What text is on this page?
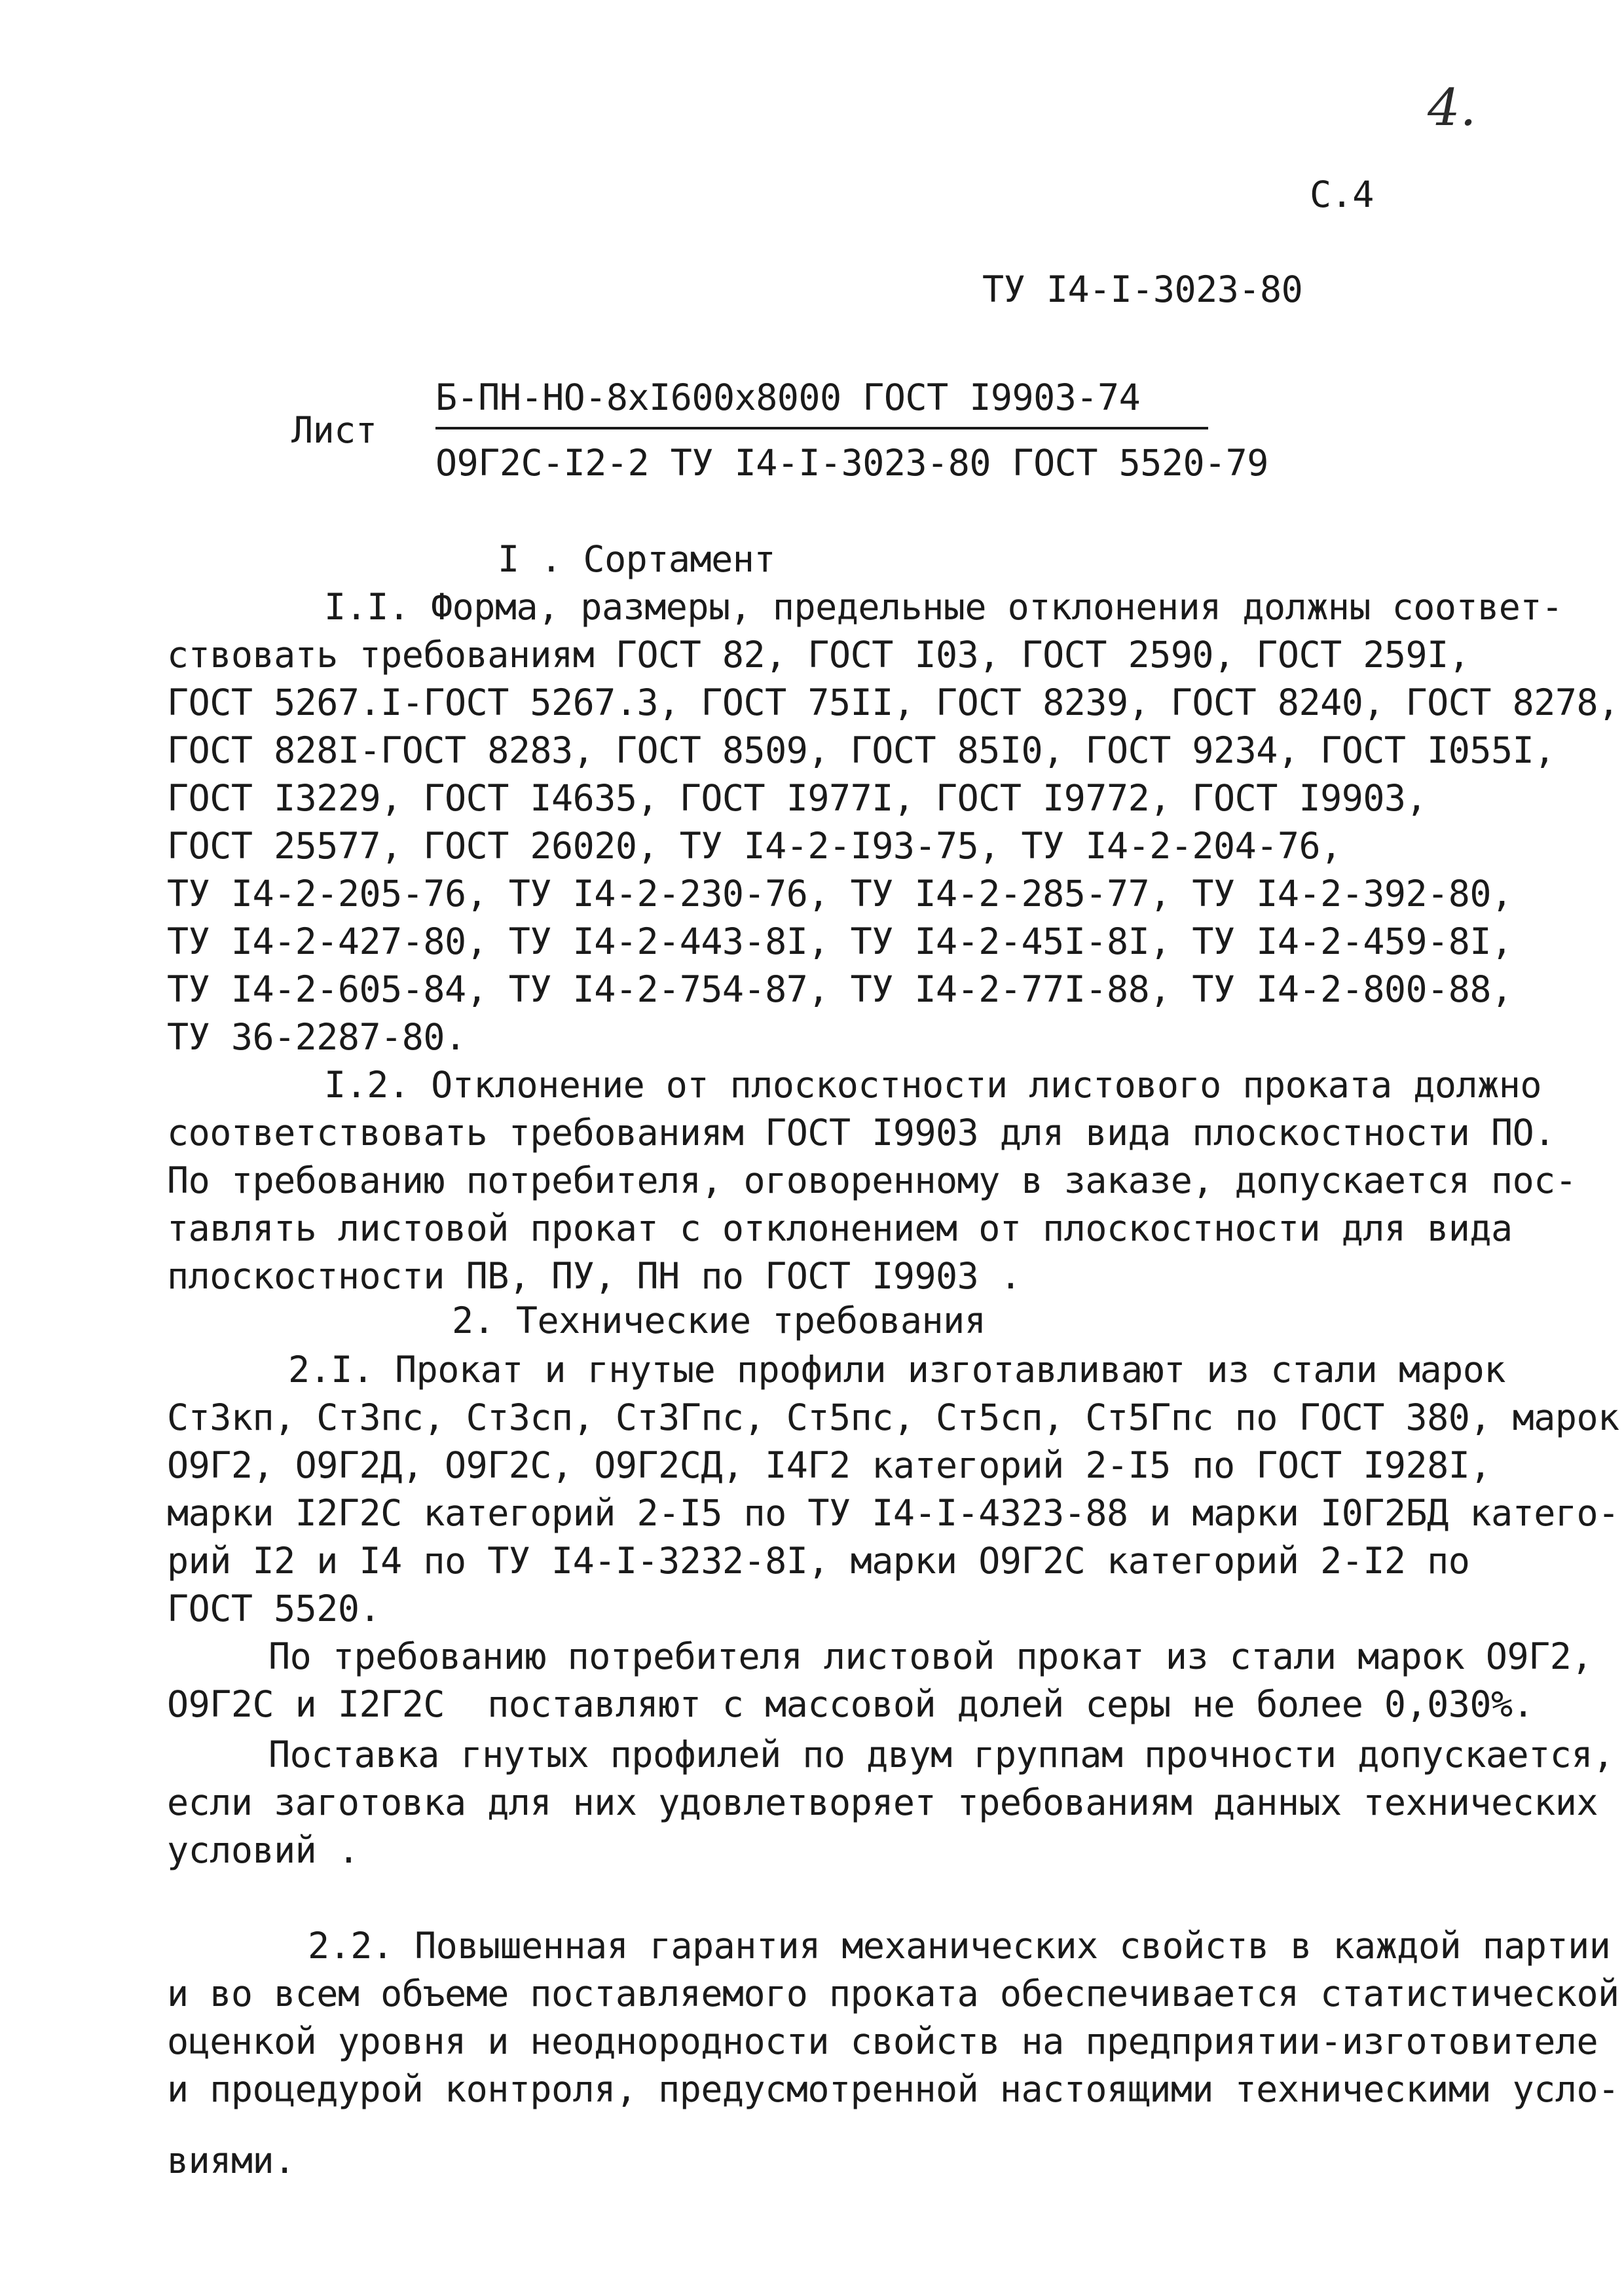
4.
С.4
ТУ I4-I-3023-80
Лист
Б-ПН-НО-8хI600х8000 ГОСТ I9903-74
О9Г2С-I2-2 ТУ I4-I-3023-80 ГОСТ 5520-79
I . Сортамент
I.I. Форма, размеры, предельные отклонения должны соответ-
ствовать требованиям ГОСТ 82, ГОСТ I03, ГОСТ 2590, ГОСТ 259I,
ГОСТ 5267.I-ГОСТ 5267.3, ГОСТ 75II, ГОСТ 8239, ГОСТ 8240, ГОСТ 8278,
ГОСТ 828I-ГОСТ 8283, ГОСТ 8509, ГОСТ 85I0, ГОСТ 9234, ГОСТ I055I,
ГОСТ I3229, ГОСТ I4635, ГОСТ I977I, ГОСТ I9772, ГОСТ I9903,
ГОСТ 25577, ГОСТ 26020, ТУ I4-2-I93-75, ТУ I4-2-204-76,
ТУ I4-2-205-76, ТУ I4-2-230-76, ТУ I4-2-285-77, ТУ I4-2-392-80,
ТУ I4-2-427-80, ТУ I4-2-443-8I, ТУ I4-2-45I-8I, ТУ I4-2-459-8I,
ТУ I4-2-605-84, ТУ I4-2-754-87, ТУ I4-2-77I-88, ТУ I4-2-800-88,
ТУ 36-2287-80.
I.2. Отклонение от плоскостности листового проката должно
соответствовать требованиям ГОСТ I9903 для вида плоскостности ПО.
По требованию потребителя, оговоренному в заказе, допускается пос-
тавлять листовой прокат с отклонением от плоскостности для вида
плоскостности ПВ, ПУ, ПН по ГОСТ I9903 .
2. Технические требования
2.I. Прокат и гнутые профили изготавливают из стали марок
Ст3кп, Ст3пс, Ст3сп, Ст3Гпс, Ст5пс, Ст5сп, Ст5Гпс по ГОСТ 380, марок
О9Г2, О9Г2Д, О9Г2С, О9Г2СД, I4Г2 категорий 2-I5 по ГОСТ I928I,
марки I2Г2С категорий 2-I5 по ТУ I4-I-4323-88 и марки I0Г2БД катего-
рий I2 и I4 по ТУ I4-I-3232-8I, марки О9Г2С категорий 2-I2 по
ГОСТ 5520.
По требованию потребителя листовой прокат из стали марок О9Г2,
О9Г2С и I2Г2С  поставляют с массовой долей серы не более 0,030%.
Поставка гнутых профилей по двум группам прочности допускается,
если заготовка для них удовлетворяет требованиям данных технических
условий .
2.2. Повышенная гарантия механических свойств в каждой партии
и во всем объеме поставляемого проката обеспечивается статистической
оценкой уровня и неоднородности свойств на предприятии-изготовителе
и процедурой контроля, предусмотренной настоящими техническими усло-
виями.
